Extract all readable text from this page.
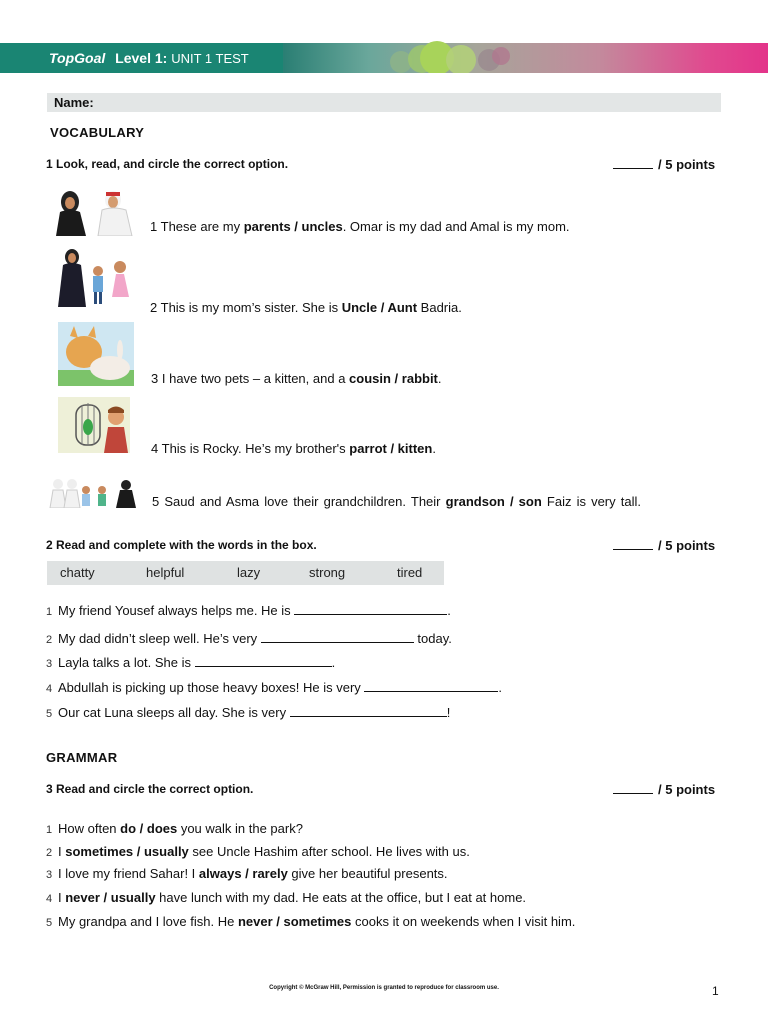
TopGoal Level 1: UNIT 1 TEST
Name:
VOCABULARY
1 Look, read, and circle the correct option.	/ 5 points
1 These are my parents / uncles. Omar is my dad and Amal is my mom.
2 This is my mom’s sister. She is Uncle / Aunt Badria.
3 I have two pets – a kitten, and a cousin / rabbit.
4 This is Rocky. He’s my brother's parrot / kitten.
5 Saud and Asma love their grandchildren. Their grandson / son Faiz is very tall.
2 Read and complete with the words in the box.	/ 5 points
chatty	helpful	lazy	strong	tired
1 My friend Yousef always helps me. He is	.
2 My dad didn’t sleep well. He’s very	today.
3 Layla talks a lot. She is	.
4 Abdullah is picking up those heavy boxes! He is very	.
5 Our cat Luna sleeps all day. She is very	!
GRAMMAR
3 Read and circle the correct option.	/ 5 points
1 How often do / does you walk in the park?
2 I sometimes / usually see Uncle Hashim after school. He lives with us.
3 I love my friend Sahar! I always / rarely give her beautiful presents.
4 I never / usually have lunch with my dad. He eats at the office, but I eat at home.
5 My grandpa and I love fish. He never / sometimes cooks it on weekends when I visit him.
Copyright © McGraw Hill, Permission is granted to reproduce for classroom use.	1
